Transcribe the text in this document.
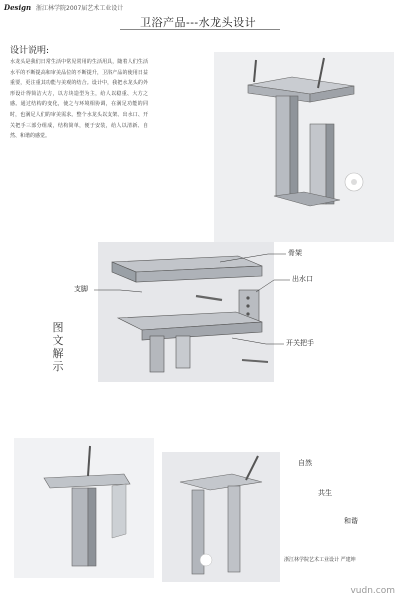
Design 浙江林学院2007届艺术工业设计
卫浴产品---水龙头设计
设计说明:
水龙头是我们日常生活中常见常用的生活用具，随着人们生活水平的不断提高和审美品位的不断提升，卫浴产品的使用日益重要，更注重其功能与美观的结合。设计中，我把水龙头的外形设计得简洁大方，以方块造型为主，给人以稳重、大方之感。通过结构的变化，使之与环境相协调，在满足功能的同时，也满足人们的审美需求。整个水龙头以支架、出水口、开关把手三部分组成，结构简单，便于安装，给人以清新、自然、和谐的感觉。
骨架
出水口
支脚
开关把手
图文解示
自然
共生
和谐
浙江林学院艺术工业设计 严建坤
vudn.com
